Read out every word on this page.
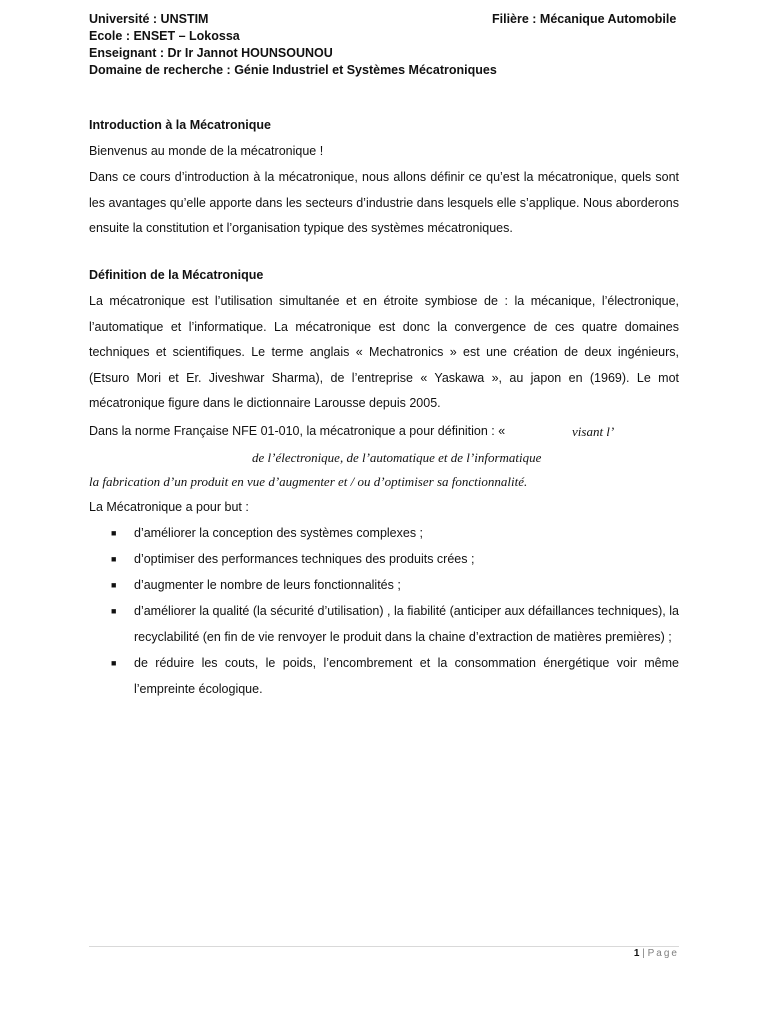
Université : UNSTIM	Filière : Mécanique Automobile
Ecole : ENSET – Lokossa
Enseignant : Dr Ir Jannot HOUNSOUNOU
Domaine de recherche : Génie Industriel et Systèmes Mécatroniques
Introduction à la Mécatronique
Bienvenus au monde de la mécatronique !
Dans ce cours d’introduction à la mécatronique, nous allons définir ce qu’est la mécatronique, quels sont les avantages qu’elle apporte dans les secteurs d’industrie dans lesquels elle s’applique. Nous aborderons ensuite la constitution et l’organisation typique des systèmes mécatroniques.
Définition de la Mécatronique
La mécatronique est l’utilisation simultanée et en étroite symbiose de : la mécanique, l’électronique, l’automatique et l’informatique. La mécatronique est donc la convergence de ces quatre domaines techniques et scientifiques. Le terme anglais « Mechatronics » est une création de deux ingénieurs, (Etsuro Mori et Er. Jiveshwar Sharma), de l’entreprise « Yaskawa », au japon en (1969). Le mot mécatronique figure dans le dictionnaire Larousse depuis 2005.
Dans la norme Française NFE 01-010, la mécatronique a pour définition : «	visant l’
de l’électronique, de l’automatique et de l’informatique
la fabrication d’un produit en vue d’augmenter et / ou d’optimiser sa fonctionnalité.
La Mécatronique a pour but :
■ d’améliorer la conception des systèmes complexes ;
■ d’optimiser des performances techniques des produits crées ;
■ d’augmenter le nombre de leurs fonctionnalités ;
■ d’améliorer la qualité (la sécurité d’utilisation) , la fiabilité (anticiper aux défaillances techniques), la recyclabilité (en fin de vie renvoyer le produit dans la chaine d’extraction de matières premières) ;
■ de réduire les couts, le poids, l’encombrement et la consommation énergétique voir même l’empreinte écologique.
1 | Page
